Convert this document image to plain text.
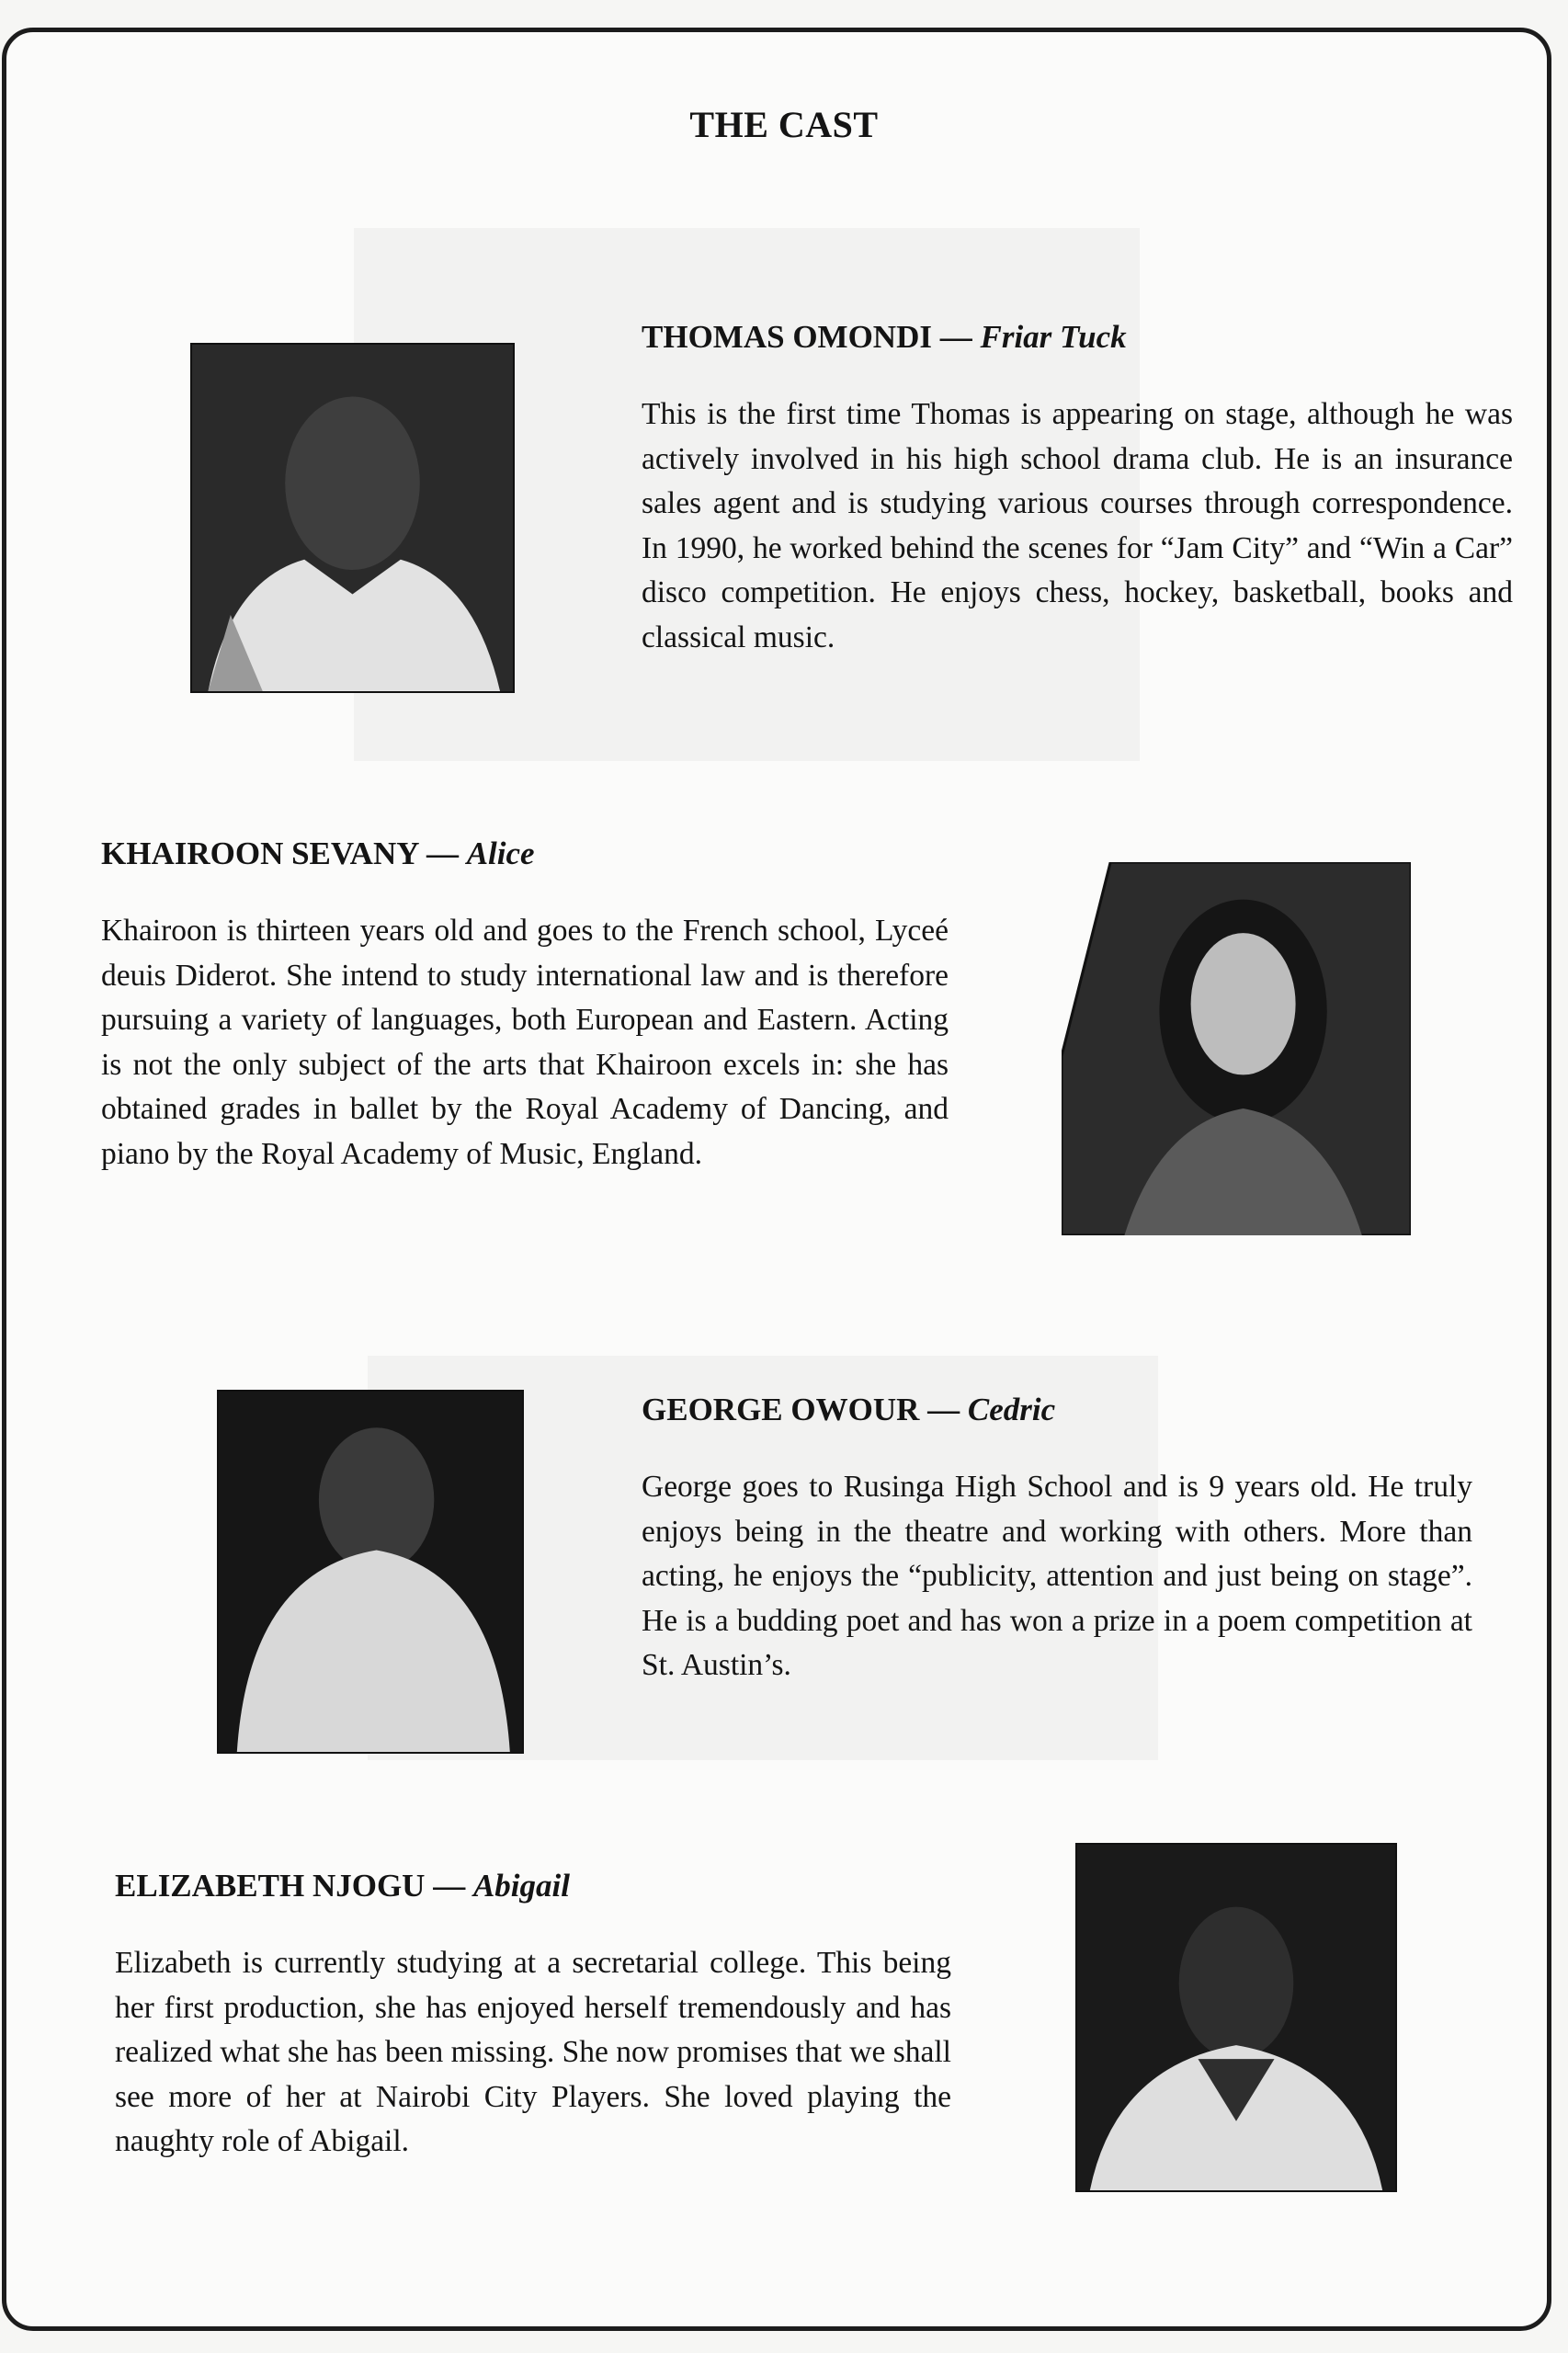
THE CAST
THOMAS OMONDI — Friar Tuck

This is the first time Thomas is appearing on stage, although he was actively involved in his high school drama club. He is an insurance sales agent and is studying various courses through correspondence. In 1990, he worked behind the scenes for “Jam City” and “Win a Car” disco competition. He enjoys chess, hockey, basketball, books and classical music.

KHAIROON SEVANY — Alice

Khairoon is thirteen years old and goes to the French school, Lyceé deuis Diderot. She intend to study international law and is therefore pursuing a variety of languages, both European and Eastern. Acting is not the only subject of the arts that Khairoon excels in: she has obtained grades in ballet by the Royal Academy of Dancing, and piano by the Royal Academy of Music, England.

GEORGE OWOUR — Cedric

George goes to Rusinga High School and is 9 years old. He truly enjoys being in the theatre and working with others. More than acting, he enjoys the “publicity, attention and just being on stage”. He is a budding poet and has won a prize in a poem competition at St. Austin’s.

ELIZABETH NJOGU — Abigail

Elizabeth is currently studying at a secretarial college. This being her first production, she has enjoyed herself tremendously and has realized what she has been missing. She now promises that we shall see more of her at Nairobi City Players. She loved playing the naughty role of Abigail.
